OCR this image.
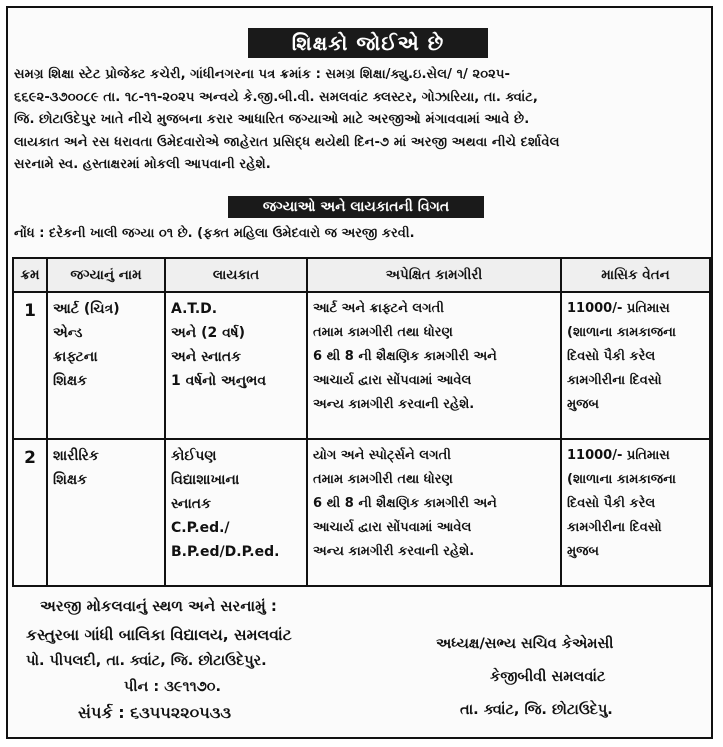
શિક્ષકો જોઈએ છે
સમગ્ર શિક્ષા સ્ટેટ પ્રોજેક્ટ કચેરી, ગાંધીનગરના પત્ર ક્રમાંક : સમગ્ર શિક્ષા/ક્યુ.ઇ.સેલ/ ૧/ ૨૦૨૫-
૬૬૯૨-૩૭૦૦૮૯ તા. ૧૮-૧૧-૨૦૨૫ અન્વયે કે.જી.બી.વી. સમલવાંટ ક્લસ્ટર, ગોઝારિયા, તા. ક્વાંટ,
જિ. છોટાઉદેપુર ખાતે નીચે મુજબના કરાર આધારિત જગ્યાઓ માટે અરજીઓ મંગાવવામાં આવે છે.
લાયકાત અને રસ ધરાવતા ઉમેદવારોએ જાહેરાત પ્રસિદ્ધ થયેથી દિન-૭ માં અરજી અથવા નીચે દર્શાવેલ
સરનામે સ્વ. હસ્તાક્ષરમાં મોકલી આપવાની રહેશે.
જગ્યાઓ અને લાયકાતની વિગત
નોંધ : દરેકની ખાલી જગ્યા ૦૧ છે. (ફક્ત મહિલા ઉમેદવારો જ અરજી કરવી.
ક્રમ	જગ્યાનું નામ	લાયકાત	અપેક્ષિત કામગીરી	માસિક વેતન
1	આર્ટ (ચિત્ર)
એન્ડ
ક્રાફ્ટના
શિક્ષક	A.T.D.
અને (2 વર્ષ)
અને સ્નાતક
1 વર્ષનો અનુભવ	આર્ટ અને ક્રાફ્ટને લગતી
તમામ કામગીરી તથા ધોરણ
6 થી 8 ની શૈક્ષણિક કામગીરી અને
આચાર્ય દ્વારા સોંપવામાં આવેલ
અન્ય કામગીરી કરવાની રહેશે.	11000/- પ્રતિમાસ
(શાળાના કામકાજના
દિવસો પૈકી કરેલ
કામગીરીના દિવસો
મુજબ

2	શારીરિક
શિક્ષક	કોઈપણ
વિદ્યાશાખાના
સ્નાતક
C.P.ed./
B.P.ed/D.P.ed.	યોગ અને સ્પોર્ટ્સને લગતી
તમામ કામગીરી તથા ધોરણ
6 થી 8 ની શૈક્ષણિક કામગીરી અને
આચાર્ય દ્વારા સોંપવામાં આવેલ
અન્ય કામગીરી કરવાની રહેશે.	11000/- પ્રતિમાસ
(શાળાના કામકાજના
દિવસો પૈકી કરેલ
કામગીરીના દિવસો
મુજબ
અરજી મોકલવાનું સ્થળ અને સરનામું :
કસ્તુરબા ગાંધી બાલિકા વિદ્યાલય, સમલવાંટ
પો. પીપલદી, તા. ક્વાંટ, જિ. છોટાઉદેપુર.
પીન : ૩૯૧૧૭૦.
સંપર્ક : ૬૩૫૫૨૨૦૫૩૩
અધ્યક્ષ/સભ્ય સચિવ કેએમસી
કેજીબીવી સમલવાંટ
તા. ક્વાંટ, જિ. છોટાઉદેપુ.
